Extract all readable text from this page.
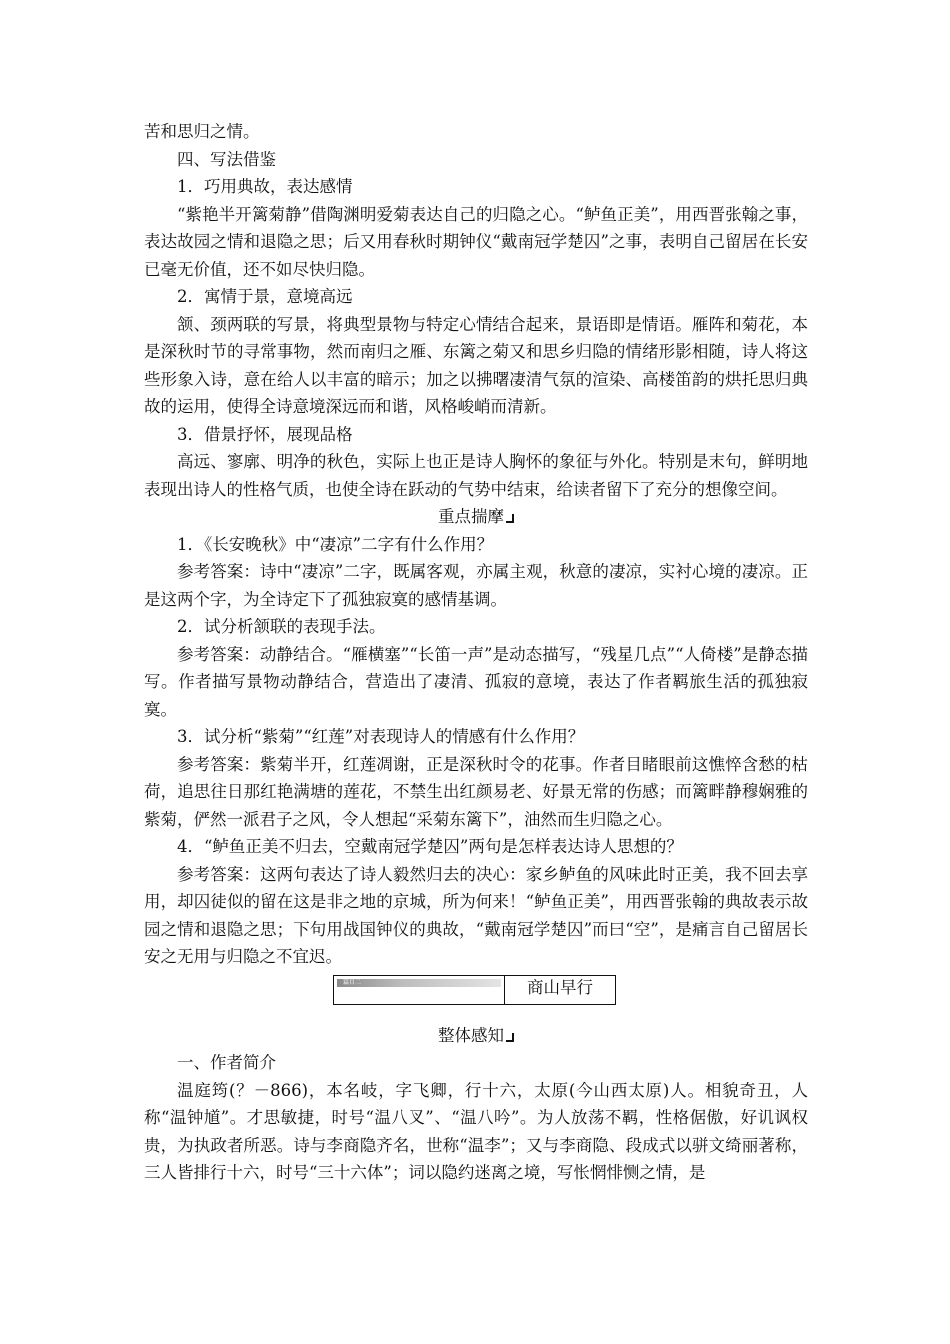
苦和思归之情。

四、写法借鉴

1．巧用典故，表达感情

“紫艳半开篱菊静”借陶渊明爱菊表达自己的归隐之心。“鲈鱼正美”，用西晋张翰之事，表达故园之情和退隐之思；后又用春秋时期钟仪“戴南冠学楚囚”之事，表明自己留居在长安已毫无价值，还不如尽快归隐。

2．寓情于景，意境高远

颔、颈两联的写景，将典型景物与特定心情结合起来，景语即是情语。雁阵和菊花，本是深秋时节的寻常事物，然而南归之雁、东篱之菊又和思乡归隐的情绪形影相随，诗人将这些形象入诗，意在给人以丰富的暗示；加之以拂曙凄清气氛的渲染、高楼笛韵的烘托思归典故的运用，使得全诗意境深远而和谐，风格峻峭而清新。

3．借景抒怀，展现品格

高远、寥廓、明净的秋色，实际上也正是诗人胸怀的象征与外化。特别是末句，鲜明地表现出诗人的性格气质，也使全诗在跃动的气势中结束，给读者留下了充分的想像空间。

重点揣摩

1．《长安晚秋》中“凄凉”二字有什么作用？

参考答案：诗中“凄凉”二字，既属客观，亦属主观，秋意的凄凉，实衬心境的凄凉。正是这两个字，为全诗定下了孤独寂寞的感情基调。

2．试分析颔联的表现手法。

参考答案：动静结合。“雁横塞”“长笛一声”是动态描写，“残星几点”“人倚楼”是静态描写。作者描写景物动静结合，营造出了凄清、孤寂的意境，表达了作者羁旅生活的孤独寂寞。

3．试分析“紫菊”“红莲”对表现诗人的情感有什么作用？

参考答案：紫菊半开，红莲凋谢，正是深秋时令的花事。作者目睹眼前这憔悴含愁的枯荷，追思往日那红艳满塘的莲花，不禁生出红颜易老、好景无常的伤感；而篱畔静穆娴雅的紫菊，俨然一派君子之风，令人想起“采菊东篱下”，油然而生归隐之心。

4．“鲈鱼正美不归去，空戴南冠学楚囚”两句是怎样表达诗人思想的？

参考答案：这两句表达了诗人毅然归去的决心：家乡鲈鱼的风味此时正美，我不回去享用，却囚徒似的留在这是非之地的京城，所为何来！“鲈鱼正美”，用西晋张翰的典故表示故园之情和退隐之思；下句用战国钟仪的典故，“戴南冠学楚囚”而曰“空”，是痛言自己留居长安之无用与归隐之不宜迟。

篇目二	商山早行

整体感知

一、作者简介

温庭筠(？－866)，本名岐，字飞卿，行十六，太原(今山西太原)人。相貌奇丑，人称“温钟馗”。才思敏捷，时号“温八叉”、“温八吟”。为人放荡不羁，性格倨傲，好讥讽权贵，为执政者所恶。诗与李商隐齐名，世称“温李”；又与李商隐、段成式以骈文绮丽著称，三人皆排行十六，时号“三十六体”；词以隐约迷离之境，写怅惘悱恻之情，是
